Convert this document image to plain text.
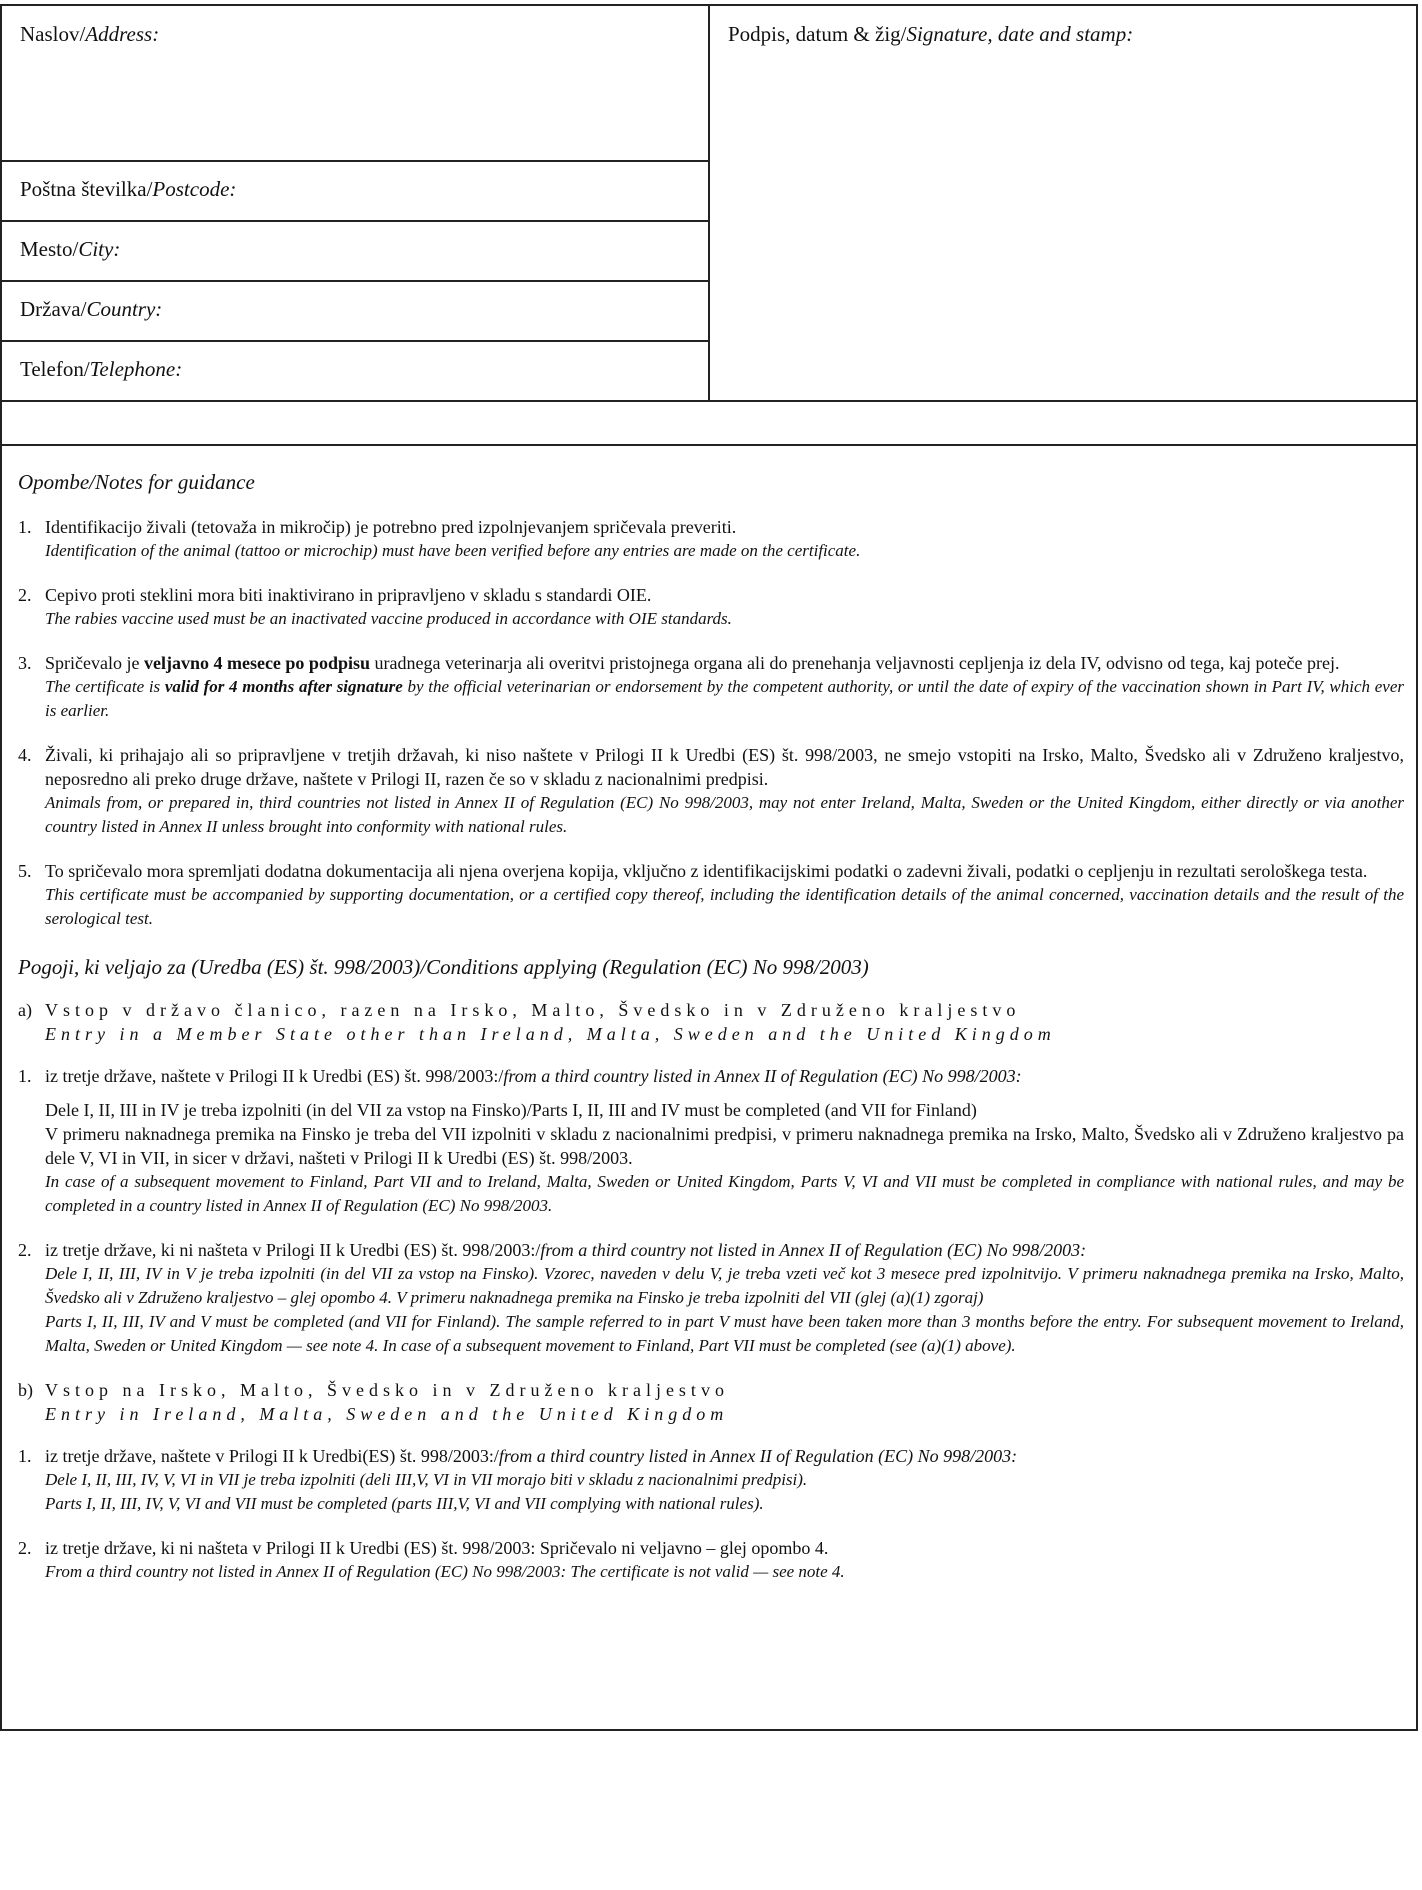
Naslov/Address:	Podpis, datum & žig/Signature, date and stamp:
Poštna številka/Postcode:
Mesto/City:
Država/Country:
Telefon/Telephone:
Opombe/Notes for guidance
1. Identifikacijo živali (tetovaža in mikročip) je potrebno pred izpolnjevanjem spričevala preveriti.
Identification of the animal (tattoo or microchip) must have been verified before any entries are made on the certificate.
2. Cepivo proti steklini mora biti inaktivirano in pripravljeno v skladu s standardi OIE.
The rabies vaccine used must be an inactivated vaccine produced in accordance with OIE standards.
3. Spričevalo je veljavno 4 mesece po podpisu uradnega veterinarja ali overitvi pristojnega organa ali do prenehanja veljavnosti cepljenja iz dela IV, odvisno od tega, kaj poteče prej.
The certificate is valid for 4 months after signature by the official veterinarian or endorsement by the competent authority, or until the date of expiry of the vaccination shown in Part IV, which ever is earlier.
4. Živali, ki prihajajo ali so pripravljene v tretjih državah, ki niso naštete v Prilogi II k Uredbi (ES) št. 998/2003, ne smejo vstopiti na Irsko, Malto, Švedsko ali v Združeno kraljestvo, neposredno ali preko druge države, naštete v Prilogi II, razen če so v skladu z nacionalnimi predpisi.
Animals from, or prepared in, third countries not listed in Annex II of Regulation (EC) No 998/2003, may not enter Ireland, Malta, Sweden or the United Kingdom, either directly or via another country listed in Annex II unless brought into conformity with national rules.
5. To spričevalo mora spremljati dodatna dokumentacija ali njena overjena kopija, vključno z identifikacijskimi podatki o zadevni živali, podatki o cepljenju in rezultati serološkega testa.
This certificate must be accompanied by supporting documentation, or a certified copy thereof, including the identification details of the animal concerned, vaccination details and the result of the serological test.
Pogoji, ki veljajo za (Uredba (ES) št. 998/2003)/Conditions applying (Regulation (EC) No 998/2003)
a) Vstop v državo članico, razen na Irsko, Malto, Švedsko in v Združeno kraljestvo
Entry in a Member State other than Ireland, Malta, Sweden and the United Kingdom
1. iz tretje države, naštete v Prilogi II k Uredbi (ES) št. 998/2003:/from a third country listed in Annex II of Regulation (EC) No 998/2003:
Dele I, II, III in IV je treba izpolniti (in del VII za vstop na Finsko)/Parts I, II, III and IV must be completed (and VII for Finland)
V primeru naknadnega premika na Finsko je treba del VII izpolniti v skladu z nacionalnimi predpisi, v primeru naknadnega premika na Irsko, Malto, Švedsko ali v Združeno kraljestvo pa dele V, VI in VII, in sicer v državi, našteti v Prilogi II k Uredbi (ES) št. 998/2003.
In case of a subsequent movement to Finland, Part VII and to Ireland, Malta, Sweden or United Kingdom, Parts V, VI and VII must be completed in compliance with national rules, and may be completed in a country listed in Annex II of Regulation (EC) No 998/2003.
2. iz tretje države, ki ni našteta v Prilogi II k Uredbi (ES) št. 998/2003:/from a third country not listed in Annex II of Regulation (EC) No 998/2003:
Dele I, II, III, IV in V je treba izpolniti (in del VII za vstop na Finsko). Vzorec, naveden v delu V, je treba vzeti več kot 3 mesece pred izpolnitvijo. V primeru naknadnega premika na Irsko, Malto, Švedsko ali v Združeno kraljestvo – glej opombo 4. V primeru naknadnega premika na Finsko je treba izpolniti del VII (glej (a)(1) zgoraj)
Parts I, II, III, IV and V must be completed (and VII for Finland). The sample referred to in part V must have been taken more than 3 months before the entry. For subsequent movement to Ireland, Malta, Sweden or United Kingdom — see note 4. In case of a subsequent movement to Finland, Part VII must be completed (see (a)(1) above).
b) Vstop na Irsko, Malto, Švedsko in v Združeno kraljestvo
Entry in Ireland, Malta, Sweden and the United Kingdom
1. iz tretje države, naštete v Prilogi II k Uredbi(ES) št. 998/2003:/from a third country listed in Annex II of Regulation (EC) No 998/2003:
Dele I, II, III, IV, V, VI in VII je treba izpolniti (deli III,V, VI in VII morajo biti v skladu z nacionalnimi predpisi).
Parts I, II, III, IV, V, VI and VII must be completed (parts III,V, VI and VII complying with national rules).
2. iz tretje države, ki ni našteta v Prilogi II k Uredbi (ES) št. 998/2003: Spričevalo ni veljavno – glej opombo 4.
From a third country not listed in Annex II of Regulation (EC) No 998/2003: The certificate is not valid — see note 4.
